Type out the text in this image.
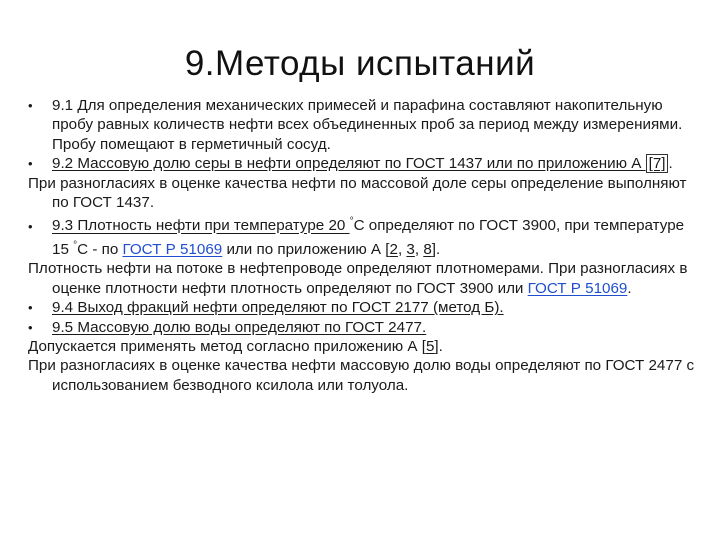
9.Методы испытаний
• 9.1 Для определения механических примесей и парафина составляют накопительную пробу равных количеств нефти всех объединенных проб за период между измерениями. Пробу помещают в герметичный сосуд.
• 9.2 Массовую долю серы в нефти определяют по ГОСТ 1437 или по приложению А [7] .
При разногласиях в оценке качества нефти по массовой доле серы определение выполняют по ГОСТ 1437.
• 9.3 Плотность нефти при температуре 20 °С определяют по ГОСТ 3900, при температуре 15 °С - по ГОСТ Р 51069 или по приложению А [2, 3, 8].
Плотность нефти на потоке в нефтепроводе определяют плотномерами. При разногласиях в оценке плотности нефти плотность определяют по ГОСТ 3900 или ГОСТ Р 51069.
• 9.4 Выход фракций нефти определяют по ГОСТ 2177 (метод Б).
• 9.5 Массовую долю воды определяют по ГОСТ 2477.
Допускается применять метод согласно приложению А [5].
При разногласиях в оценке качества нефти массовую долю воды определяют по ГОСТ 2477 с использованием безводного ксилола или толуола.
